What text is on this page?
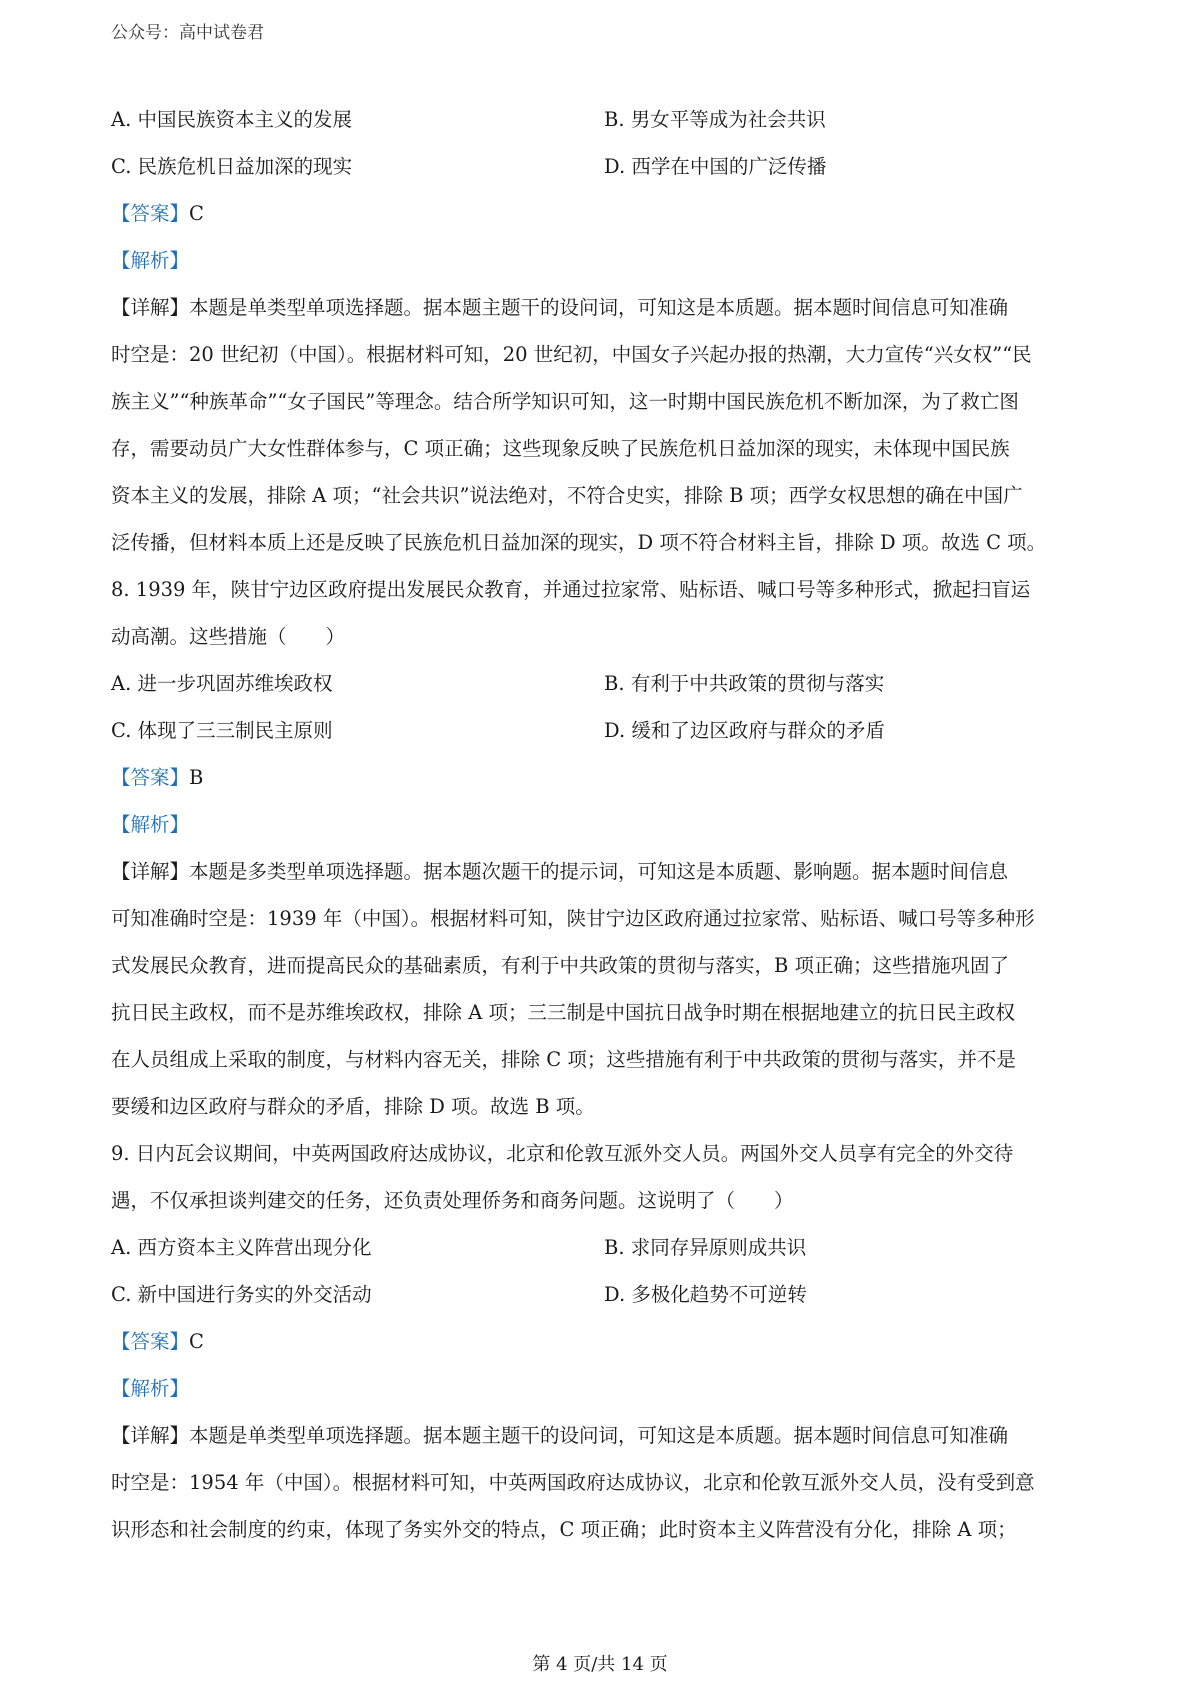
公众号：高中试卷君
A. 中国民族资本主义的发展	B. 男女平等成为社会共识
C. 民族危机日益加深的现实	D. 西学在中国的广泛传播
【答案】C
【解析】
【详解】本题是单类型单项选择题。据本题主题干的设问词，可知这是本质题。据本题时间信息可知准确
时空是：20 世纪初（中国）。根据材料可知，20 世纪初，中国女子兴起办报的热潮，大力宣传“兴女权”“民
族主义”“种族革命”“女子国民”等理念。结合所学知识可知，这一时期中国民族危机不断加深，为了救亡图
存，需要动员广大女性群体参与，C 项正确；这些现象反映了民族危机日益加深的现实，未体现中国民族
资本主义的发展，排除 A 项；“社会共识”说法绝对，不符合史实，排除 B 项；西学女权思想的确在中国广
泛传播，但材料本质上还是反映了民族危机日益加深的现实，D 项不符合材料主旨，排除 D 项。故选 C 项。
8. 1939 年，陕甘宁边区政府提出发展民众教育，并通过拉家常、贴标语、喊口号等多种形式，掀起扫盲运
动高潮。这些措施（　　）
A. 进一步巩固苏维埃政权	B. 有利于中共政策的贯彻与落实
C. 体现了三三制民主原则	D. 缓和了边区政府与群众的矛盾
【答案】B
【解析】
【详解】本题是多类型单项选择题。据本题次题干的提示词，可知这是本质题、影响题。据本题时间信息
可知准确时空是：1939 年（中国）。根据材料可知，陕甘宁边区政府通过拉家常、贴标语、喊口号等多种形
式发展民众教育，进而提高民众的基础素质，有利于中共政策的贯彻与落实，B 项正确；这些措施巩固了
抗日民主政权，而不是苏维埃政权，排除 A 项；三三制是中国抗日战争时期在根据地建立的抗日民主政权
在人员组成上采取的制度，与材料内容无关，排除 C 项；这些措施有利于中共政策的贯彻与落实，并不是
要缓和边区政府与群众的矛盾，排除 D 项。故选 B 项。
9. 日内瓦会议期间，中英两国政府达成协议，北京和伦敦互派外交人员。两国外交人员享有完全的外交待
遇，不仅承担谈判建交的任务，还负责处理侨务和商务问题。这说明了（　　）
A. 西方资本主义阵营出现分化	B. 求同存异原则成共识
C. 新中国进行务实的外交活动	D. 多极化趋势不可逆转
【答案】C
【解析】
【详解】本题是单类型单项选择题。据本题主题干的设问词，可知这是本质题。据本题时间信息可知准确
时空是：1954 年（中国）。根据材料可知，中英两国政府达成协议，北京和伦敦互派外交人员，没有受到意
识形态和社会制度的约束，体现了务实外交的特点，C 项正确；此时资本主义阵营没有分化，排除 A 项；
第 4 页/共 14 页
